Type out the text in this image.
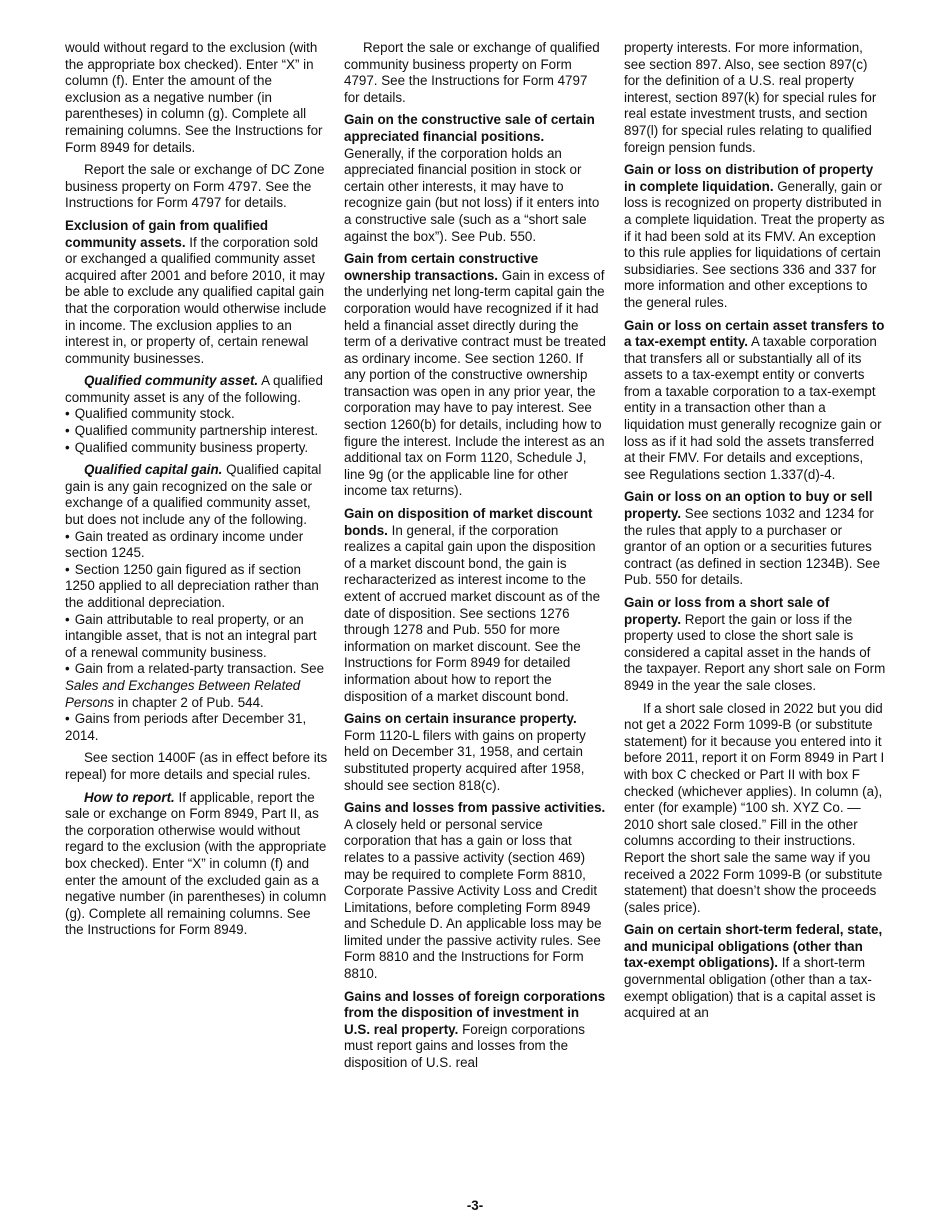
would without regard to the exclusion (with the appropriate box checked). Enter “X” in column (f). Enter the amount of the exclusion as a negative number (in parentheses) in column (g). Complete all remaining columns. See the Instructions for Form 8949 for details.

Report the sale or exchange of DC Zone business property on Form 4797. See the Instructions for Form 4797 for details.

Exclusion of gain from qualified community assets. If the corporation sold or exchanged a qualified community asset acquired after 2001 and before 2010, it may be able to exclude any qualified capital gain that the corporation would otherwise include in income. The exclusion applies to an interest in, or property of, certain renewal community businesses.

Qualified community asset. A qualified community asset is any of the following.

• Qualified community stock.
• Qualified community partnership interest.
• Qualified community business property.

Qualified capital gain. Qualified capital gain is any gain recognized on the sale or exchange of a qualified community asset, but does not include any of the following.

• Gain treated as ordinary income under section 1245.
• Section 1250 gain figured as if section 1250 applied to all depreciation rather than the additional depreciation.
• Gain attributable to real property, or an intangible asset, that is not an integral part of a renewal community business.
• Gain from a related-party transaction. See Sales and Exchanges Between Related Persons in chapter 2 of Pub. 544.
• Gains from periods after December 31, 2014.

See section 1400F (as in effect before its repeal) for more details and special rules.

How to report. If applicable, report the sale or exchange on Form 8949, Part II, as the corporation otherwise would without regard to the exclusion (with the appropriate box checked). Enter “X” in column (f) and enter the amount of the excluded gain as a negative number (in parentheses) in column (g). Complete all remaining columns. See the Instructions for Form 8949.

Report the sale or exchange of qualified community business property on Form 4797. See the Instructions for Form 4797 for details.

Gain on the constructive sale of certain appreciated financial positions. Generally, if the corporation holds an appreciated financial position in stock or certain other interests, it may have to recognize gain (but not loss) if it enters into a constructive sale (such as a “short sale against the box”). See Pub. 550.

Gain from certain constructive ownership transactions. Gain in excess of the underlying net long-term capital gain the corporation would have recognized if it had held a financial asset directly during the term of a derivative contract must be treated as ordinary income. See section 1260. If any portion of the constructive ownership transaction was open in any prior year, the corporation may have to pay interest. See section 1260(b) for details, including how to figure the interest. Include the interest as an additional tax on Form 1120, Schedule J, line 9g (or the applicable line for other income tax returns).

Gain on disposition of market discount bonds. In general, if the corporation realizes a capital gain upon the disposition of a market discount bond, the gain is recharacterized as interest income to the extent of accrued market discount as of the date of disposition. See sections 1276 through 1278 and Pub. 550 for more information on market discount. See the Instructions for Form 8949 for detailed information about how to report the disposition of a market discount bond.

Gains on certain insurance property. Form 1120-L filers with gains on property held on December 31, 1958, and certain substituted property acquired after 1958, should see section 818(c).

Gains and losses from passive activities. A closely held or personal service corporation that has a gain or loss that relates to a passive activity (section 469) may be required to complete Form 8810, Corporate Passive Activity Loss and Credit Limitations, before completing Form 8949 and Schedule D. An applicable loss may be limited under the passive activity rules. See Form 8810 and the Instructions for Form 8810.

Gains and losses of foreign corporations from the disposition of investment in U.S. real property. Foreign corporations must report gains and losses from the disposition of U.S. real

property interests. For more information, see section 897. Also, see section 897(c) for the definition of a U.S. real property interest, section 897(k) for special rules for real estate investment trusts, and section 897(l) for special rules relating to qualified foreign pension funds.

Gain or loss on distribution of property in complete liquidation. Generally, gain or loss is recognized on property distributed in a complete liquidation. Treat the property as if it had been sold at its FMV. An exception to this rule applies for liquidations of certain subsidiaries. See sections 336 and 337 for more information and other exceptions to the general rules.

Gain or loss on certain asset transfers to a tax-exempt entity. A taxable corporation that transfers all or substantially all of its assets to a tax-exempt entity or converts from a taxable corporation to a tax-exempt entity in a transaction other than a liquidation must generally recognize gain or loss as if it had sold the assets transferred at their FMV. For details and exceptions, see Regulations section 1.337(d)-4.

Gain or loss on an option to buy or sell property. See sections 1032 and 1234 for the rules that apply to a purchaser or grantor of an option or a securities futures contract (as defined in section 1234B). See Pub. 550 for details.

Gain or loss from a short sale of property. Report the gain or loss if the property used to close the short sale is considered a capital asset in the hands of the taxpayer. Report any short sale on Form 8949 in the year the sale closes.

If a short sale closed in 2022 but you did not get a 2022 Form 1099-B (or substitute statement) for it because you entered into it before 2011, report it on Form 8949 in Part I with box C checked or Part II with box F checked (whichever applies). In column (a), enter (for example) “100 sh. XYZ Co. —2010 short sale closed.” Fill in the other columns according to their instructions. Report the short sale the same way if you received a 2022 Form 1099-B (or substitute statement) that doesn’t show the proceeds (sales price).

Gain on certain short-term federal, state, and municipal obligations (other than tax-exempt obligations). If a short-term governmental obligation (other than a tax-exempt obligation) that is a capital asset is acquired at an

-3-
